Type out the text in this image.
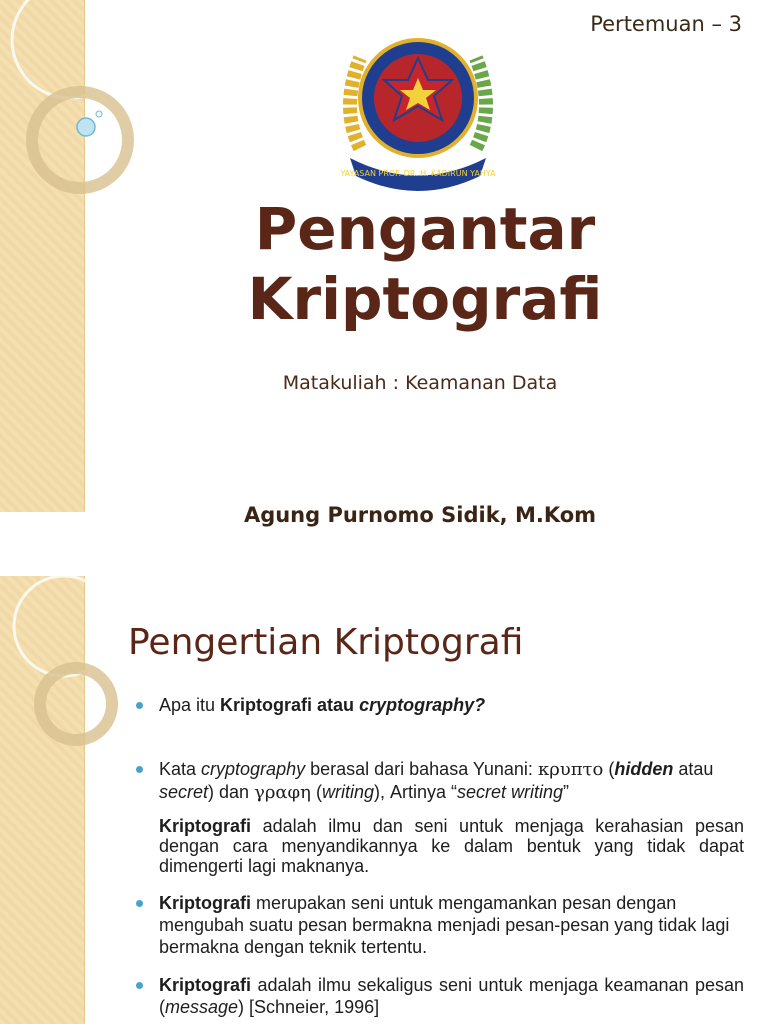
Pertemuan – 3
YAYASAN PROF. DR. H. KADIRUN YAHYA
Pengantar
Kriptografi
Matakuliah : Keamanan Data
Agung Purnomo Sidik, M.Kom
Pengertian Kriptografi
Apa itu Kriptografi atau cryptography?
Kata cryptography berasal dari bahasa Yunani: κρυπτο (hidden atau secret) dan γραφη (writing), Artinya “secret writing”
Kriptografi adalah ilmu dan seni untuk menjaga kerahasian pesan dengan cara menyandikannya ke dalam bentuk yang tidak dapat dimengerti lagi maknanya.
Kriptografi merupakan seni untuk mengamankan pesan dengan mengubah suatu pesan bermakna menjadi pesan-pesan yang tidak lagi bermakna dengan teknik tertentu.
Kriptografi adalah ilmu sekaligus seni untuk menjaga keamanan pesan (message) [Schneier, 1996]
